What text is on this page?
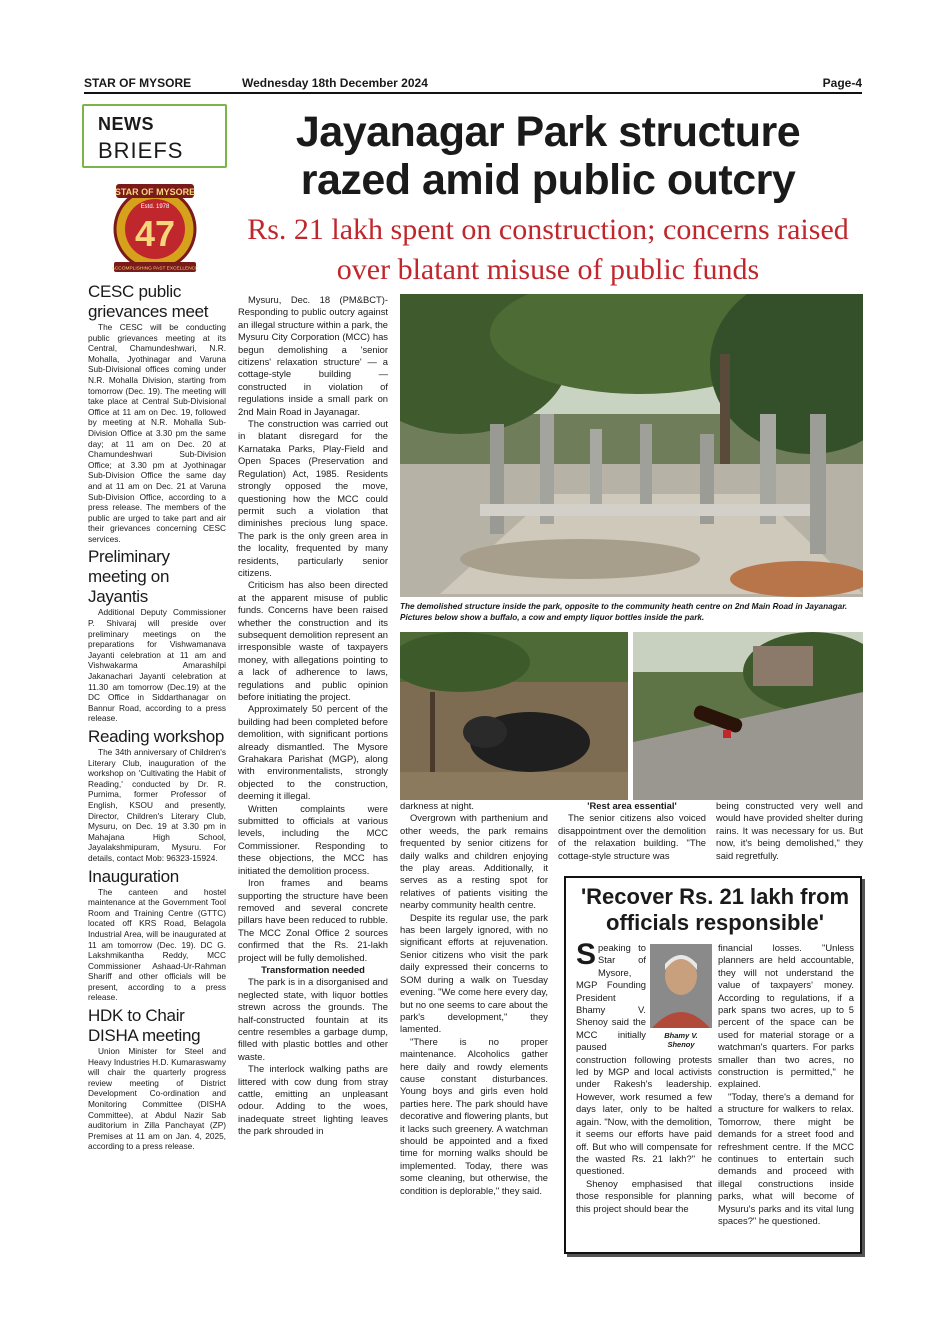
STAR OF MYSORE	Wednesday 18th December 2024	Page-4
NEWS
BRIEFS
STAR OF MYSORE
Estd. 1978
47
ACCOMPLISHING PAST EXCELLENCE
CESC public grievances meet
The CESC will be conducting public grievances meeting at its Central, Chamundeshwari, N.R. Mohalla, Jyothinagar and Varuna Sub-Divisional offices coming under N.R. Mohalla Division, starting from tomorrow (Dec. 19). The meeting will take place at Central Sub-Divisional Office at 11 am on Dec. 19, followed by meeting at N.R. Mohalla Sub-Division Office at 3.30 pm the same day; at 11 am on Dec. 20 at Chamundeshwari Sub-Division Office; at 3.30 pm at Jyothinagar Sub-Division Office the same day and at 11 am on Dec. 21 at Varuna Sub-Division Office, according to a press release. The members of the public are urged to take part and air their grievances concerning CESC services.
Preliminary meeting on Jayantis
Additional Deputy Commissioner P. Shivaraj will preside over preliminary meetings on the preparations for Vishwamanava Jayanti celebration at 11 am and Vishwakarma Amarashilpi Jakanachari Jayanti celebration at 11.30 am tomorrow (Dec.19) at the DC Office in Siddarthanagar on Bannur Road, according to a press release.
Reading workshop
The 34th anniversary of Children's Literary Club, inauguration of the workshop on 'Cultivating the Habit of Reading,' conducted by Dr. R. Purnima, former Professor of English, KSOU and presently, Director, Children's Literary Club, Mysuru, on Dec. 19 at 3.30 pm in Mahajana High School, Jayalakshmipuram, Mysuru. For details, contact Mob: 96323-15924.
Inauguration
The canteen and hostel maintenance at the Government Tool Room and Training Centre (GTTC) located off KRS Road, Belagola Industrial Area, will be inaugurated at 11 am tomorrow (Dec. 19). DC G. Lakshmikantha Reddy, MCC Commissioner Ashaad-Ur-Rahman Shariff and other officials will be present, according to a press release.
HDK to Chair DISHA meeting
Union Minister for Steel and Heavy Industries H.D. Kumaraswamy will chair the quarterly progress review meeting of District Development Co-ordination and Monitoring Committee (DISHA Committee), at Abdul Nazir Sab auditorium in Zilla Panchayat (ZP) Premises at 11 am on Jan. 4, 2025, according to a press release.
Jayanagar Park structure razed amid public outcry
Rs. 21 lakh spent on construction; concerns raised over blatant misuse of public funds

Mysuru, Dec. 18 (PM&BCT)- Responding to public outcry against an illegal structure within a park, the Mysuru City Corporation (MCC) has begun demolishing a 'senior citizens' relaxation structure' — a cottage-style building — constructed in violation of regulations inside a small park on 2nd Main Road in Jayanagar.

The construction was carried out in blatant disregard for the Karnataka Parks, Play-Field and Open Spaces (Preservation and Regulation) Act, 1985. Residents strongly opposed the move, questioning how the MCC could permit such a violation that diminishes precious lung space. The park is the only green area in the locality, frequented by many residents, particularly senior citizens.

Criticism has also been directed at the apparent misuse of public funds. Concerns have been raised whether the construction and its subsequent demolition represent an irresponsible waste of taxpayers money, with allegations pointing to a lack of adherence to laws, regulations and public opinion before initiating the project.

Approximately 50 percent of the building had been completed before demolition, with significant portions already dismantled. The Mysore Grahakara Parishat (MGP), along with environmentalists, strongly objected to the construction, deeming it illegal.

Written complaints were submitted to officials at various levels, including the MCC Commissioner. Responding to these objections, the MCC has initiated the demolition process.

Iron frames and beams supporting the structure have been removed and several concrete pillars have been reduced to rubble. The MCC Zonal Office 2 sources confirmed that the Rs. 21-lakh project will be fully demolished.

Transformation needed

The park is in a disorganised and neglected state, with liquor bottles strewn across the grounds. The half-constructed fountain at its centre resembles a garbage dump, filled with plastic bottles and other waste.

The interlock walking paths are littered with cow dung from stray cattle, emitting an unpleasant odour. Adding to the woes, inadequate street lighting leaves the park shrouded in

The demolished structure inside the park, opposite to the community heath centre on 2nd Main Road in Jayanagar. Pictures below show a buffalo, a cow and empty liquor bottles inside the park.

darkness at night.

Overgrown with parthenium and other weeds, the park remains frequented by senior citizens for daily walks and children enjoying the play areas. Additionally, it serves as a resting spot for relatives of patients visiting the nearby community health centre.

Despite its regular use, the park has been largely ignored, with no significant efforts at rejuvenation. Senior citizens who visit the park daily expressed their concerns to SOM during a walk on Tuesday evening. "We come here every day, but no one seems to care about the park's development," they lamented.

"There is no proper maintenance. Alcoholics gather here daily and rowdy elements cause constant disturbances. Young boys and girls even hold parties here. The park should have decorative and flowering plants, but it lacks such greenery. A watchman should be appointed and a fixed time for morning walks should be implemented. Today, there was some cleaning, but otherwise, the condition is deplorable," they said.

'Rest area essential'

The senior citizens also voiced disappointment over the demolition of the relaxation building. "The cottage-style structure was

being constructed very well and would have provided shelter during rains. It was necessary for us. But now, it's being demolished," they said regretfully.

'Recover Rs. 21 lakh from officials responsible'
Bhamy V. Shenoy
S peaking to Star of Mysore, MGP Founding President Bhamy V. Shenoy said the MCC initially paused construction following protests led by MGP and local activists under Rakesh's leadership. However, work resumed a few days later, only to be halted again. "Now, with the demolition, it seems our efforts have paid off. But who will compensate for the wasted Rs. 21 lakh?" he questioned.

Shenoy emphasised that those responsible for planning this project should bear the

financial losses. "Unless planners are held accountable, they will not understand the value of taxpayers' money. According to regulations, if a park spans two acres, up to 5 percent of the space can be used for material storage or a watchman's quarters. For parks smaller than two acres, no construction is permitted," he explained.

"Today, there's a demand for a structure for walkers to relax. Tomorrow, there might be demands for a street food and refreshment centre. If the MCC continues to entertain such demands and proceed with illegal constructions inside parks, what will become of Mysuru's parks and its vital lung spaces?" he questioned.
